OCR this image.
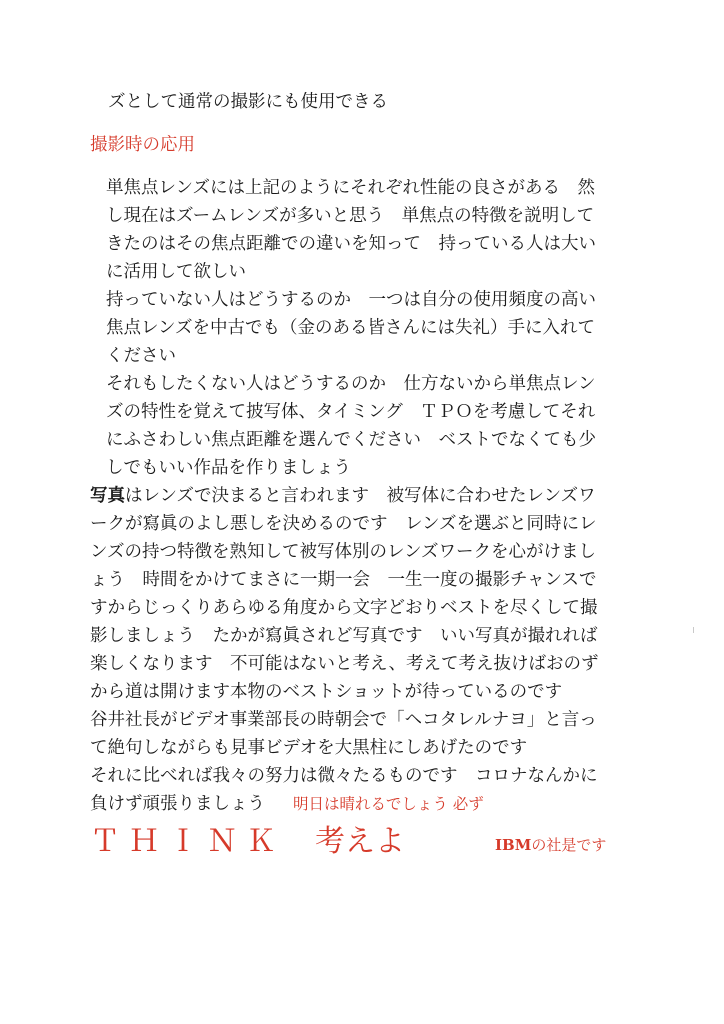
ズとして通常の撮影にも使用できる
撮影時の応用
単焦点レンズには上記のようにそれぞれ性能の良さがある　然
し現在はズームレンズが多いと思う　単焦点の特徴を説明して
きたのはその焦点距離での違いを知って　持っている人は大い
に活用して欲しい
持っていない人はどうするのか　一つは自分の使用頻度の高い
焦点レンズを中古でも（金のある皆さんには失礼）手に入れて
ください
それもしたくない人はどうするのか　仕方ないから単焦点レン
ズの特性を覚えて披写体、タイミング　ＴＰＯを考慮してそれ
にふさわしい焦点距離を選んでください　ベストでなくても少
しでもいい作品を作りましょう
写真はレンズで決まると言われます　被写体に合わせたレンズワ
ークが寫眞のよし悪しを決めるのです　レンズを選ぶと同時にレ
ンズの持つ特徴を熟知して被写体別のレンズワークを心がけまし
ょう　時間をかけてまさに一期一会　一生一度の撮影チャンスで
すからじっくりあらゆる角度から文字どおりベストを尽くして撮
影しましょう　たかが寫眞されど写真です　いい写真が撮れれば
楽しくなります　不可能はないと考え、考えて考え抜けばおのず
から道は開けます本物のベストショットが待っているのです
谷井社長がビデオ事業部長の時朝会で「ヘコタレルナヨ」と言っ
て絶句しながらも見事ビデオを大黒柱にしあげたのです
それに比べれば我々の努力は微々たるものです　コロナなんかに
負けず頑張りましょう 明日は晴れるでしょう 必ず
ＴＨＩＮＫ 考えよ	IBMの社是です
